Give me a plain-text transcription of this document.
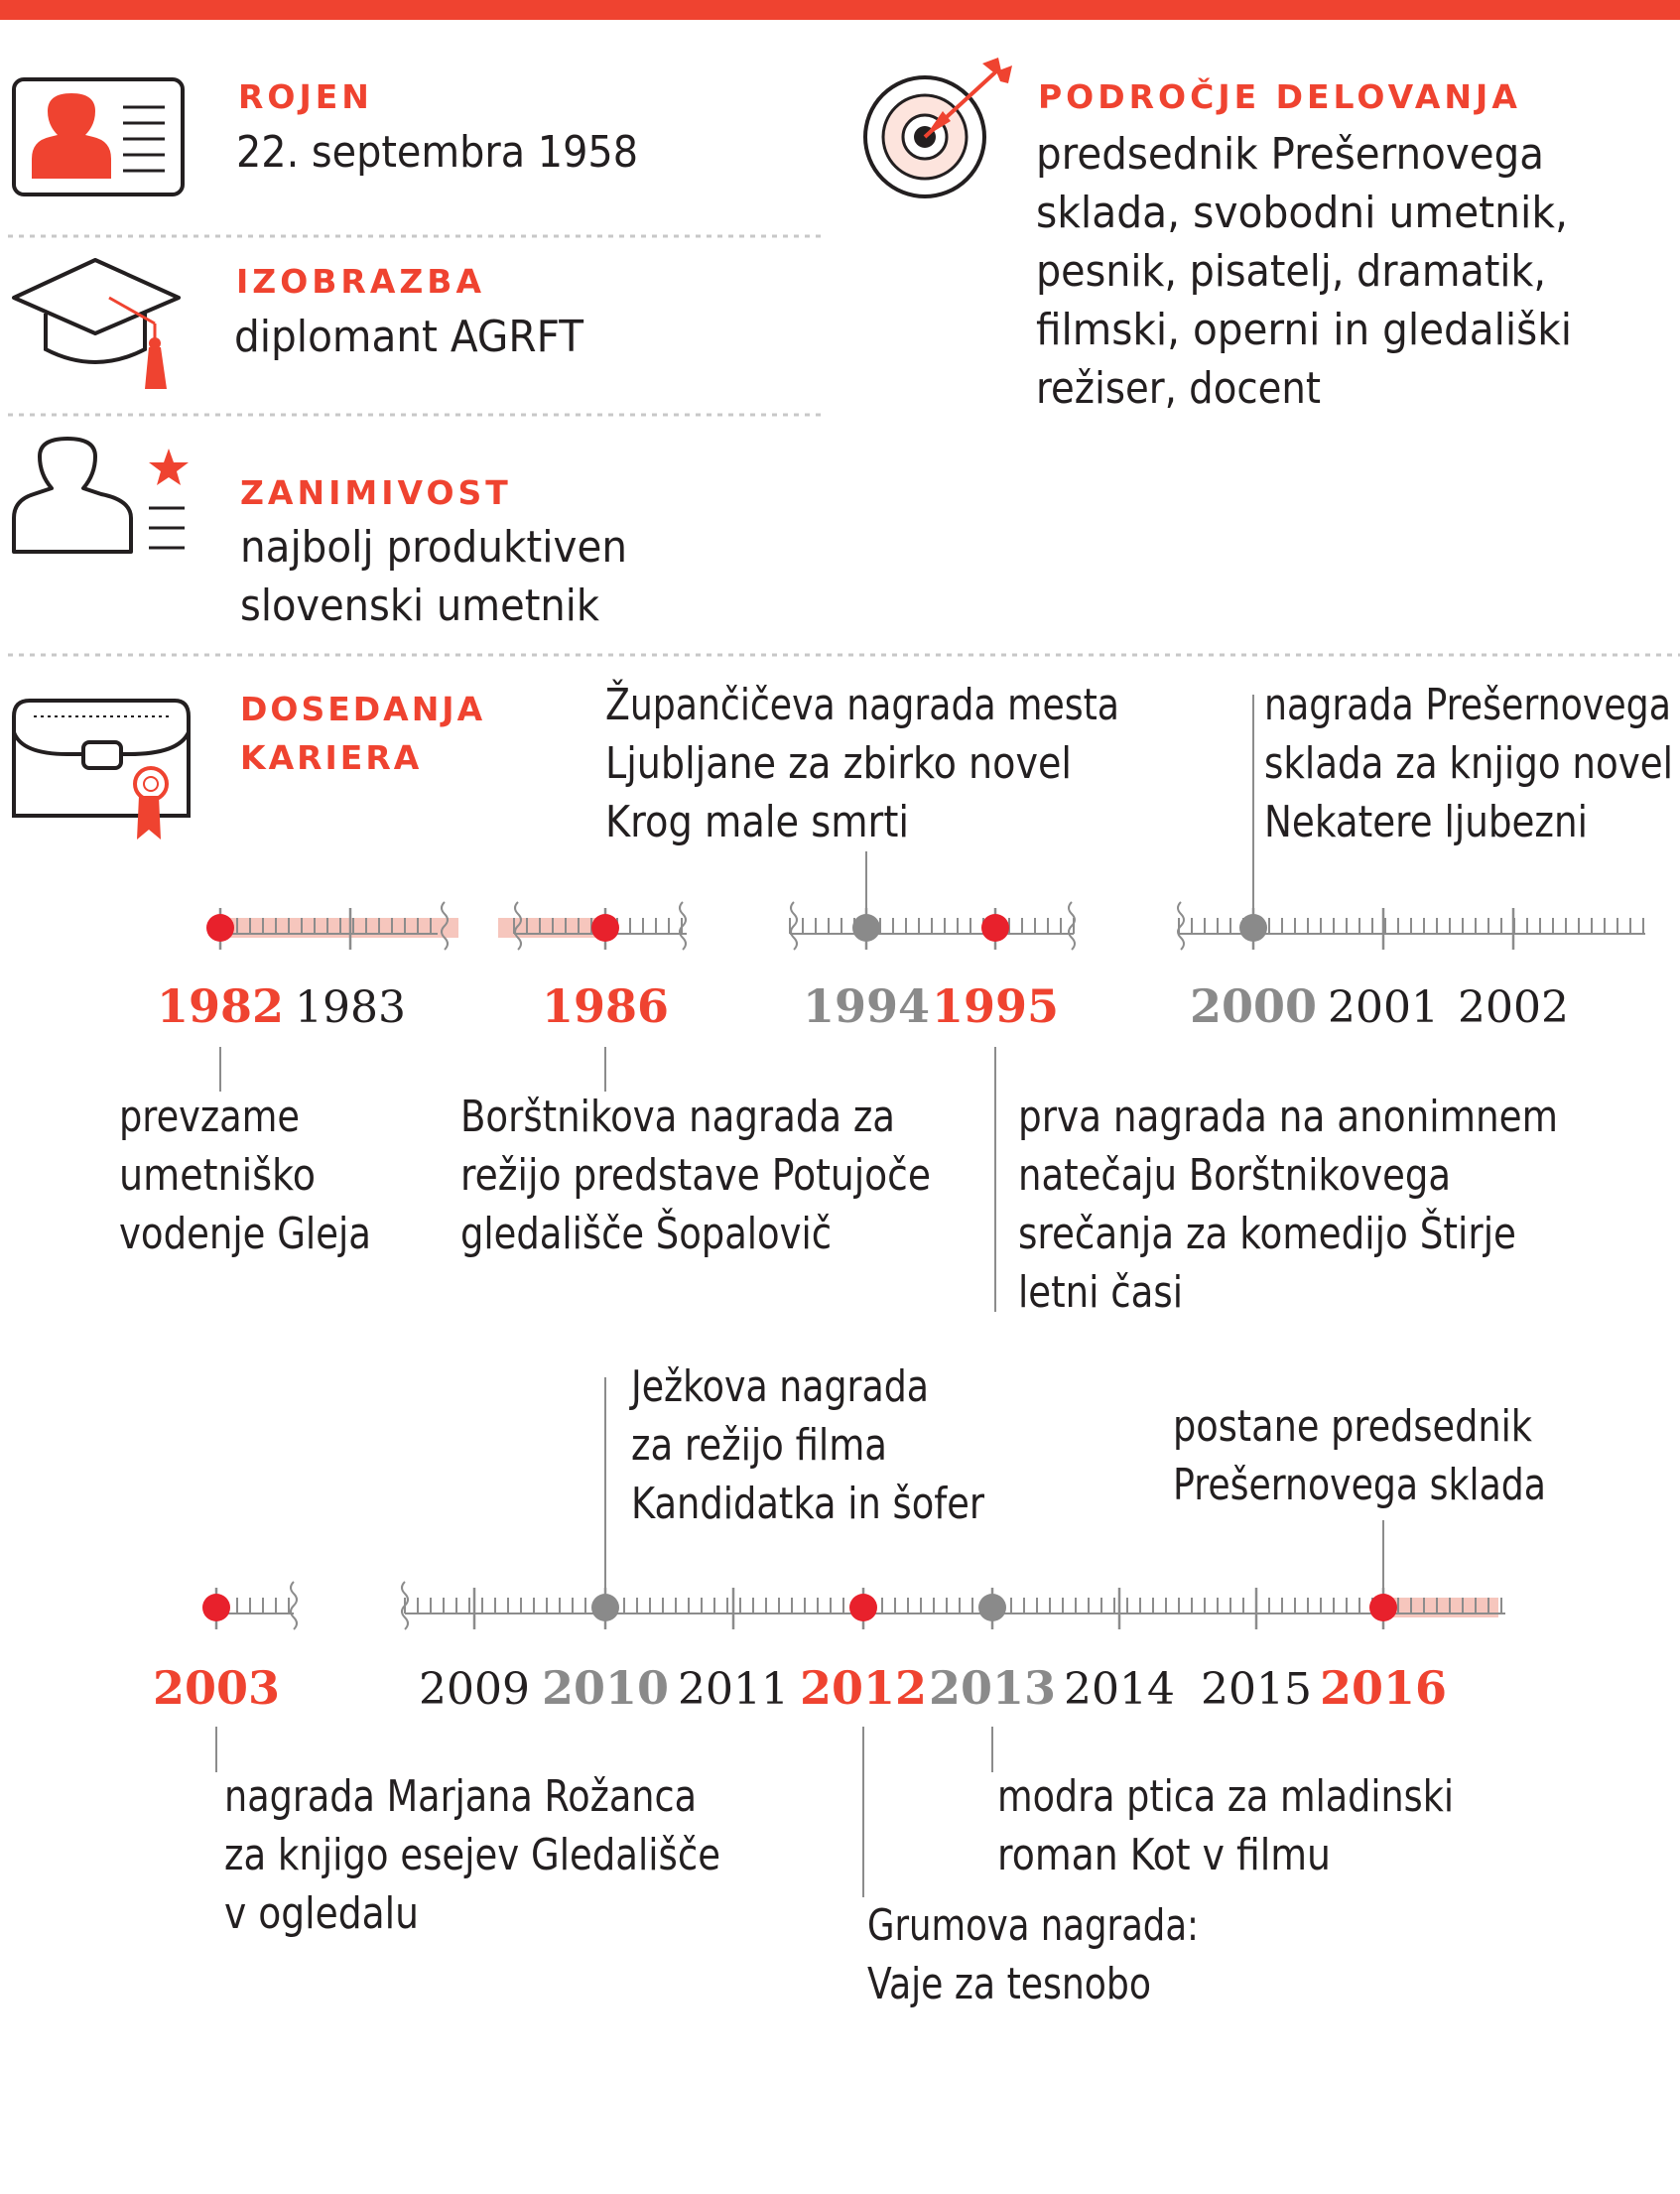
ROJEN
22. septembra 1958
IZOBRAZBA
diplomant AGRFT
ZANIMIVOST
najbolj produktiven
slovenski umetnik
PODROČJE DELOVANJA
predsednik Prešernovega
sklada, svobodni umetnik,
pesnik, pisatelj, dramatik,
filmski, operni in gledališki
režiser, docent
DOSEDANJA
KARIERA
1982 1983	1986	1994 1995	2000 2001 2002
2003	2009 2010 2011 2012 2013 2014 2015 2016
prevzame
umetniško
vodenje Gleja
Borštnikova nagrada za
režijo predstave Potujoče
gledališče Šopalovič
Župančičeva nagrada mesta
Ljubljane za zbirko novel
Krog male smrti
prva nagrada na anonimnem
natečaju Borštnikovega
srečanja za komedijo Štirje
letni časi
nagrada Prešernovega
sklada za knjigo novel
Nekatere ljubezni
nagrada Marjana Rožanca
za knjigo esejev Gledališče
v ogledalu
Ježkova nagrada
za režijo filma
Kandidatka in šofer
Grumova nagrada:
Vaje za tesnobo
modra ptica za mladinski
roman Kot v filmu
postane predsednik
Prešernovega sklada
